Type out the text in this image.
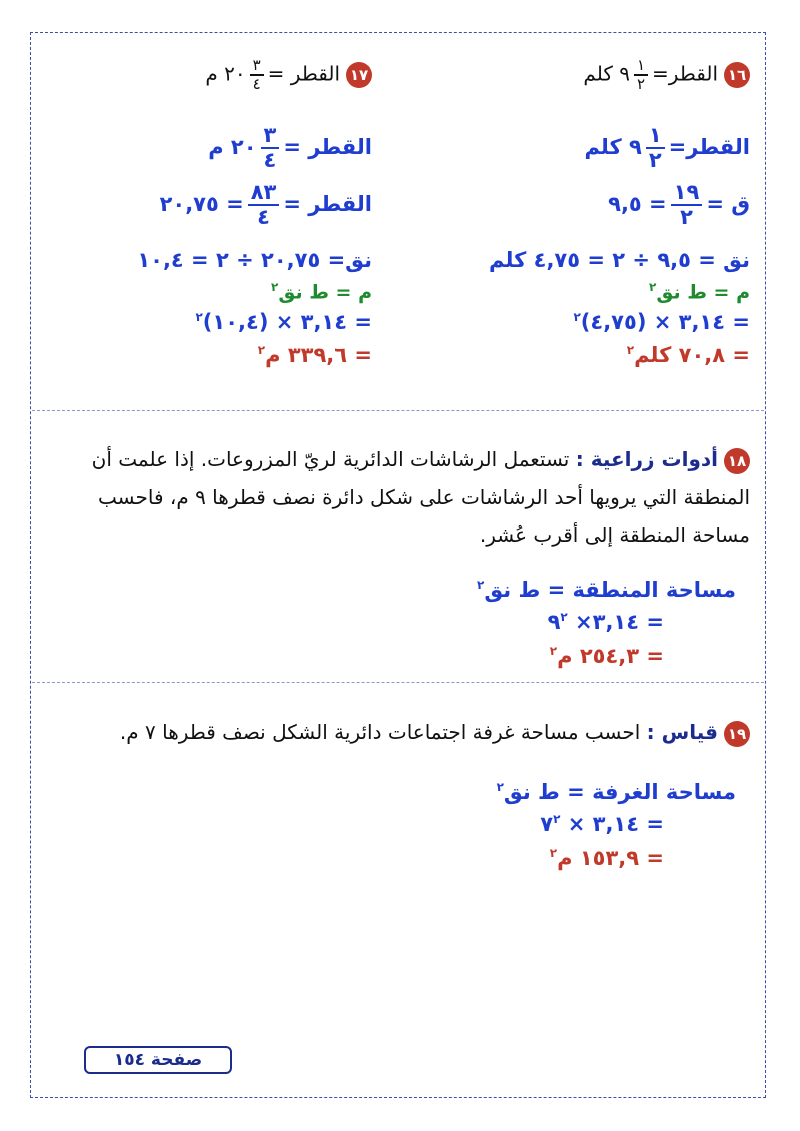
١٦القطر=
$\frac{١}{٢}$
٩ كلم
القطر=
$\frac{١}{٢}$
٩ كلم
ق =
$\frac{١٩}{٢}$
= ٩,٥
نق = ٩,٥ ÷ ٢ = ٤,٧٥ كلم
م = ط نق$^٢$
= ٣,١٤ × (٤,٧٥)$^٢$
= ٧٠,٨ كلم$^٢$
١٧القطر =
$\frac{٣}{٤}$
٢٠ م
القطر =
$\frac{٣}{٤}$
٢٠ م
القطر =
$\frac{٨٣}{٤}$
= ٢٠,٧٥
نق= ٢٠,٧٥ ÷ ٢ = ١٠,٤
م = ط نق$^٢$
= ٣,١٤ × (١٠,٤)$^٢$
= ٣٣٩,٦ م$^٢$
١٨أدوات زراعية : تستعمل الرشاشات الدائرية لريّ المزروعات. إذا علمت أن المنطقة التي يرويها أحد الرشاشات على شكل دائرة نصف قطرها ٩ م، فاحسب مساحة المنطقة إلى أقرب عُشر.
مساحة المنطقة = ط نق$^٢$
= ٣,١٤× $٩^٢$
= ٢٥٤,٣ م$^٢$
١٩قياس : احسب مساحة غرفة اجتماعات دائرية الشكل نصف قطرها ٧ م.
مساحة الغرفة = ط نق$^٢$
= ٣,١٤ × $٧^٢$
= ١٥٣,٩ م$^٢$
صفحة ١٥٤
